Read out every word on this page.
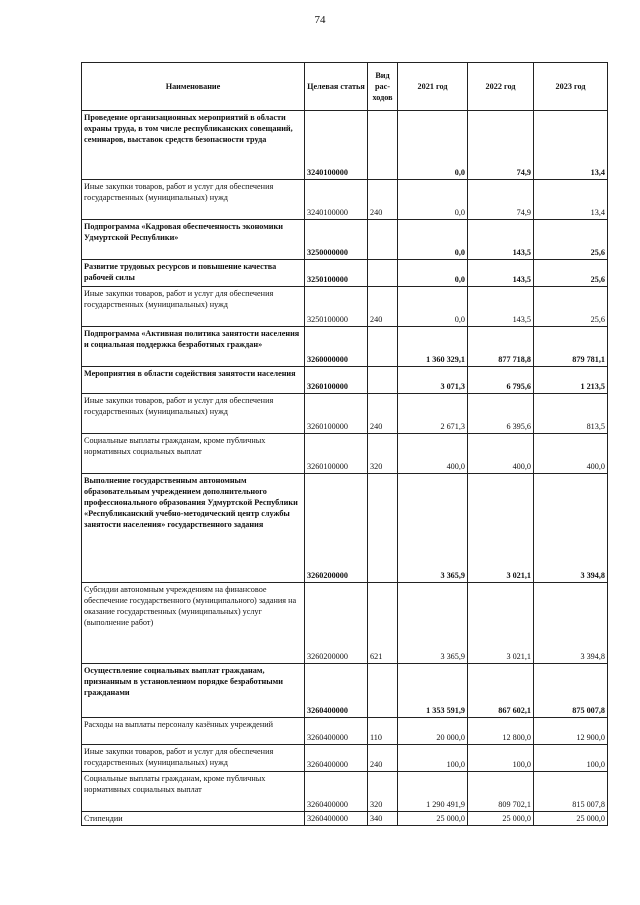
74
Наименование	Целевая статья	Вид рас-ходов	2021 год	2022 год	2023 год
Проведение организационных мероприятий в области охраны труда, в том числе республиканских совещаний, семинаров, выставок средств безопасности труда	3240100000		0,0	74,9	13,4
Иные закупки товаров, работ и услуг для обеспечения государственных (муниципальных) нужд	3240100000	240	0,0	74,9	13,4
Подпрограмма «Кадровая обеспеченность экономики Удмуртской Республики»	3250000000		0,0	143,5	25,6
Развитие трудовых ресурсов и повышение качества рабочей силы	3250100000		0,0	143,5	25,6
Иные закупки товаров, работ и услуг для обеспечения государственных (муниципальных) нужд	3250100000	240	0,0	143,5	25,6
Подпрограмма «Активная политика занятости населения и социальная поддержка безработных граждан»	3260000000		1 360 329,1	877 718,8	879 781,1
Мероприятия в области содействия занятости населения	3260100000		3 071,3	6 795,6	1 213,5
Иные закупки товаров, работ и услуг для обеспечения государственных (муниципальных) нужд	3260100000	240	2 671,3	6 395,6	813,5
Социальные выплаты гражданам, кроме публичных нормативных социальных выплат	3260100000	320	400,0	400,0	400,0
Выполнение государственным автономным образовательным учреждением дополнительного профессионального образования Удмуртской Республики «Республиканский учебно-методический центр службы занятости населения» государственного задания	3260200000		3 365,9	3 021,1	3 394,8
Субсидии автономным учреждениям на финансовое обеспечение государственного (муниципального) задания на оказание государственных (муниципальных) услуг (выполнение работ)	3260200000	621	3 365,9	3 021,1	3 394,8
Осуществление социальных выплат гражданам, признанным в установленном порядке безработными гражданами	3260400000		1 353 591,9	867 602,1	875 007,8
Расходы на выплаты персоналу казённых учреждений	3260400000	110	20 000,0	12 800,0	12 900,0
Иные закупки товаров, работ и услуг для обеспечения государственных (муниципальных) нужд	3260400000	240	100,0	100,0	100,0
Социальные выплаты гражданам, кроме публичных нормативных социальных выплат	3260400000	320	1 290 491,9	809 702,1	815 007,8
Стипендии	3260400000	340	25 000,0	25 000,0	25 000,0
